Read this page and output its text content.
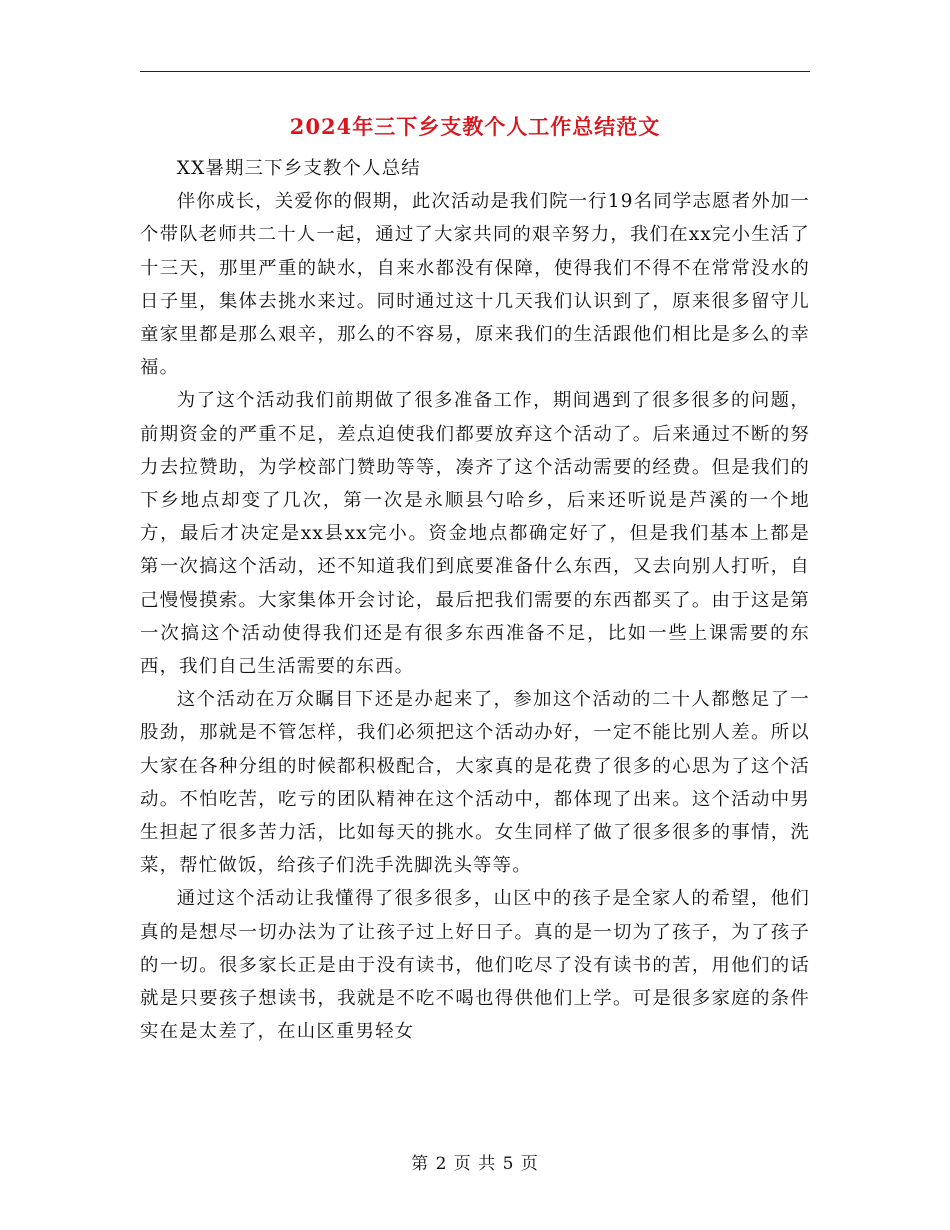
2024年三下乡支教个人工作总结范文

XX暑期三下乡支教个人总结

伴你成长，关爱你的假期，此次活动是我们院一行19名同学志愿者外加一个带队老师共二十人一起，通过了大家共同的艰辛努力，我们在xx完小生活了十三天，那里严重的缺水，自来水都没有保障，使得我们不得不在常常没水的日子里，集体去挑水来过。同时通过这十几天我们认识到了，原来很多留守儿童家里都是那么艰辛，那么的不容易，原来我们的生活跟他们相比是多么的幸福。

为了这个活动我们前期做了很多准备工作，期间遇到了很多很多的问题，前期资金的严重不足，差点迫使我们都要放弃这个活动了。后来通过不断的努力去拉赞助，为学校部门赞助等等，凑齐了这个活动需要的经费。但是我们的下乡地点却变了几次，第一次是永顺县勺哈乡，后来还听说是芦溪的一个地方，最后才决定是xx县xx完小。资金地点都确定好了，但是我们基本上都是第一次搞这个活动，还不知道我们到底要准备什么东西，又去向别人打听，自己慢慢摸索。大家集体开会讨论，最后把我们需要的东西都买了。由于这是第一次搞这个活动使得我们还是有很多东西准备不足，比如一些上课需要的东西，我们自己生活需要的东西。

这个活动在万众瞩目下还是办起来了，参加这个活动的二十人都憋足了一股劲，那就是不管怎样，我们必须把这个活动办好，一定不能比别人差。所以大家在各种分组的时候都积极配合，大家真的是花费了很多的心思为了这个活动。不怕吃苦，吃亏的团队精神在这个活动中，都体现了出来。这个活动中男生担起了很多苦力活，比如每天的挑水。女生同样了做了很多很多的事情，洗菜，帮忙做饭，给孩子们洗手洗脚洗头等等。

通过这个活动让我懂得了很多很多，山区中的孩子是全家人的希望，他们真的是想尽一切办法为了让孩子过上好日子。真的是一切为了孩子，为了孩子的一切。很多家长正是由于没有读书，他们吃尽了没有读书的苦，用他们的话就是只要孩子想读书，我就是不吃不喝也得供他们上学。可是很多家庭的条件实在是太差了，在山区重男轻女

第 2 页 共 5 页
